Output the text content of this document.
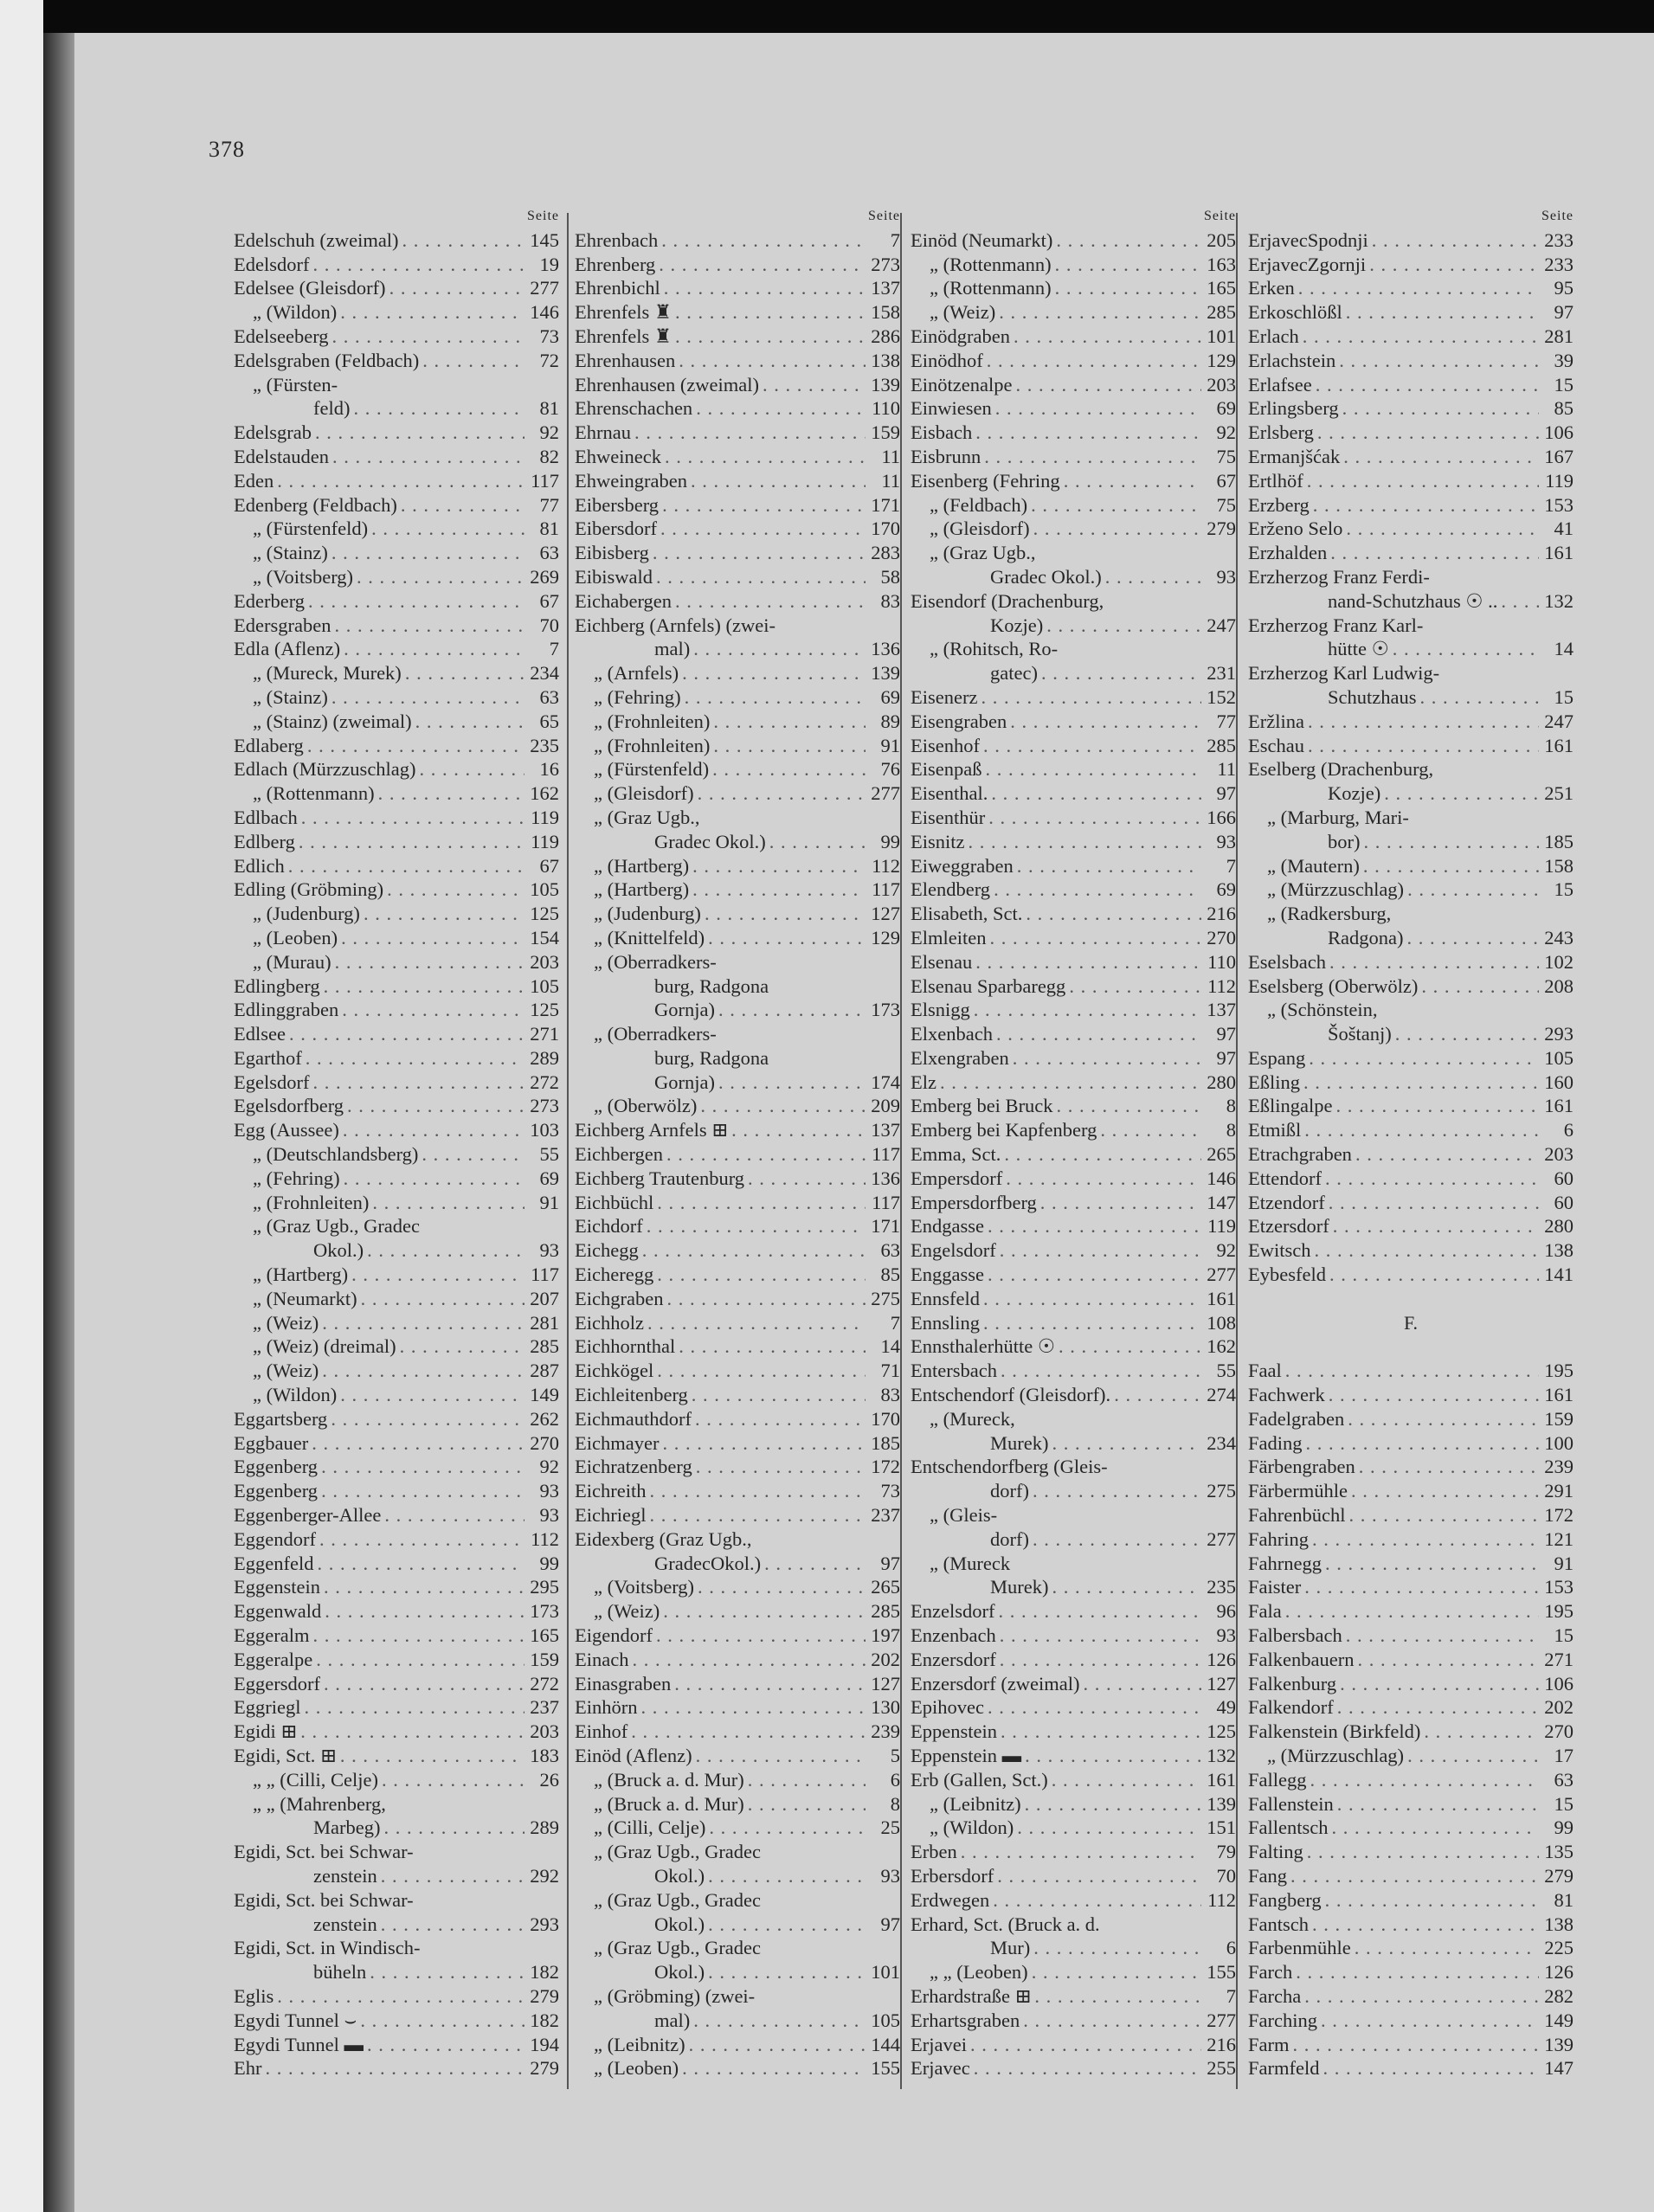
378
Seite
Edelschuh (zweimal) . . .	145
Edelsdorf . . .	19
Edelsee (Gleisdorf) . . .	277
„ (Wildon) . . .	146
Edelseeberg . . .	73
Edelsgraben (Feldbach) . . .	72
„ (Fürsten-
feld) . . .	81
Edelsgrab . . .	92
Edelstauden . . .	82
Eden . . .	117
Edenberg (Feldbach) . . .	77
„ (Fürstenfeld) . . .	81
„ (Stainz) . . .	63
„ (Voitsberg) . . .	269
Ederberg . . .	67
Edersgraben . . .	70
Edla (Aflenz) . . .	7
„ (Mureck, Murek) . . .	234
„ (Stainz) . . .	63
„ (Stainz) (zweimal) . . .	65
Edlaberg . . .	235
Edlach (Mürzzuschlag) . . .	16
„ (Rottenmann) . . .	162
Edlbach . . .	119
Edlberg . . .	119
Edlich . . .	67
Edling (Gröbming) . . .	105
„ (Judenburg) . . .	125
„ (Leoben) . . .	154
„ (Murau) . . .	203
Edlingberg . . .	105
Edlinggraben . . .	125
Edlsee . . .	271
Egarthof . . .	289
Egelsdorf . . .	272
Egelsdorfberg . . .	273
Egg (Aussee) . . .	103
„ (Deutschlandsberg) . . .	55
„ (Fehring) . . .	69
„ (Frohnleiten) . . .	91
„ (Graz Ugb., Gradec
Okol.) . . .	93
„ (Hartberg) . . .	117
„ (Neumarkt) . . .	207
„ (Weiz) . . .	281
„ (Weiz) (dreimal) . . .	285
„ (Weiz) . . .	287
„ (Wildon) . . .	149
Eggartsberg . . .	262
Eggbauer . . .	270
Eggenberg . . .	92
Eggenberg . . .	93
Eggenberger-Allee . . .	93
Eggendorf . . .	112
Eggenfeld . . .	99
Eggenstein . . .	295
Eggenwald . . .	173
Eggeralm . . .	165
Eggeralpe . . .	159
Eggersdorf . . .	272
Eggriegl . . .	237
Egidi ⊞ . . .	203
Egidi, Sct. ⊞ . . .	183
„ „ (Cilli, Celje) . . .	26
„ „ (Mahrenberg,
Marbeg) . . .	289
Egidi, Sct. bei Schwar-
zenstein . . .	292
Egidi, Sct. bei Schwar-
zenstein . . .	293
Egidi, Sct. in Windisch-
büheln . . .	182
Eglis . . .	279
Egydi Tunnel ⌣ . . .	182
Egydi Tunnel ▬ . . .	194
Ehr . . .	279
Seite
Ehrenbach . . .	7
Ehrenberg . . .	273
Ehrenbichl . . .	137
Ehrenfels ♜ . . .	158
Ehrenfels ♜ . . .	286
Ehrenhausen . . .	138
Ehrenhausen (zweimal) . . .	139
Ehrenschachen . . .	110
Ehrnau . . .	159
Ehweineck . . .	11
Ehweingraben . . .	11
Eibersberg . . .	171
Eibersdorf . . .	170
Eibisberg . . .	283
Eibiswald . . .	58
Eichabergen . . .	83
Eichberg (Arnfels) (zwei-
mal) . . .	136
„ (Arnfels) . . .	139
„ (Fehring) . . .	69
„ (Frohnleiten) . . .	89
„ (Frohnleiten) . . .	91
„ (Fürstenfeld) . . .	76
„ (Gleisdorf) . . .	277
„ (Graz Ugb.,
Gradec Okol.) . . .	99
„ (Hartberg) . . .	112
„ (Hartberg) . . .	117
„ (Judenburg) . . .	127
„ (Knittelfeld) . . .	129
„ (Oberradkers-
burg, Radgona
Gornja) . . .	173
„ (Oberradkers-
burg, Radgona
Gornja) . . .	174
„ (Oberwölz) . . .	209
Eichberg Arnfels ⊞ . . .	137
Eichbergen . . .	117
Eichberg Trautenburg . . .	136
Eichbüchl . . .	117
Eichdorf . . .	171
Eichegg . . .	63
Eicheregg . . .	85
Eichgraben . . .	275
Eichholz . . .	7
Eichhornthal . . .	14
Eichkögel . . .	71
Eichleitenberg . . .	83
Eichmauthdorf . . .	170
Eichmayer . . .	185
Eichratzenberg . . .	172
Eichreith . . .	73
Eichriegl . . .	237
Eidexberg (Graz Ugb.,
GradecOkol.) . . .	97
„ (Voitsberg) . . .	265
„ (Weiz) . . .	285
Eigendorf . . .	197
Einach . . .	202
Einasgraben . . .	127
Einhörn . . .	130
Einhof . . .	239
Einöd (Aflenz) . . .	5
„ (Bruck a. d. Mur) . . .	6
„ (Bruck a. d. Mur) . . .	8
„ (Cilli, Celje) . . .	25
„ (Graz Ugb., Gradec
Okol.) . . .	93
„ (Graz Ugb., Gradec
Okol.) . . .	97
„ (Graz Ugb., Gradec
Okol.) . . .	101
„ (Gröbming) (zwei-
mal) . . .	105
„ (Leibnitz) . . .	144
„ (Leoben) . . .	155
Seite
Einöd (Neumarkt) . . .	205
„ (Rottenmann) . . .	163
„ (Rottenmann) . . .	165
„ (Weiz) . . .	285
Einödgraben . . .	101
Einödhof . . .	129
Einötzenalpe . . .	203
Einwiesen . . .	69
Eisbach . . .	92
Eisbrunn . . .	75
Eisenberg (Fehring . . .	67
„ (Feldbach) . . .	75
„ (Gleisdorf) . . .	279
„ (Graz Ugb.,
Gradec Okol.) . . .	93
Eisendorf (Drachenburg,
Kozje) . . .	247
„ (Rohitsch, Ro-
gatec) . . .	231
Eisenerz . . .	152
Eisengraben . . .	77
Eisenhof . . .	285
Eisenpaß . . .	11
Eisenthal. . . .	97
Eisenthür . . .	166
Eisnitz . . .	93
Eiweggraben . . .	7
Elendberg . . .	69
Elisabeth, Sct. . . .	216
Elmleiten . . .	270
Elsenau . . .	110
Elsenau Sparbaregg . . .	112
Elsnigg . . .	137
Elxenbach . . .	97
Elxengraben . . .	97
Elz . . .	280
Emberg bei Bruck . . .	8
Emberg bei Kapfenberg . . .	8
Emma, Sct. . . .	265
Empersdorf . . .	146
Empersdorfberg . . .	147
Endgasse . . .	119
Engelsdorf . . .	92
Enggasse . . .	277
Ennsfeld . . .	161
Ennsling . . .	108
Ennsthalerhütte ☉ . . .	162
Entersbach . . .	55
Entschendorf (Gleisdorf). . . .	274
„ (Mureck,
Murek) . . .	234
Entschendorfberg (Gleis-
dorf) . . .	275
„ (Gleis-
dorf) . . .	277
„ (Mureck
Murek) . . .	235
Enzelsdorf . . .	96
Enzenbach . . .	93
Enzersdorf . . .	126
Enzersdorf (zweimal) . . .	127
Epihovec . . .	49
Eppenstein . . .	125
Eppenstein ▬ . . .	132
Erb (Gallen, Sct.) . . .	161
„ (Leibnitz) . . .	139
„ (Wildon) . . .	151
Erben . . .	79
Erbersdorf . . .	70
Erdwegen . . .	112
Erhard, Sct. (Bruck a. d.
Mur) . . .	6
„ „ (Leoben) . . .	155
Erhardstraße ⊞ . . .	7
Erhartsgraben . . .	277
Erjavei . . .	216
Erjavec . . .	255
Seite
ErjavecSpodnji . . .	233
ErjavecZgornji . . .	233
Erken . . .	95
Erkoschlößl . . .	97
Erlach . . .	281
Erlachstein . . .	39
Erlafsee . . .	15
Erlingsberg . . .	85
Erlsberg . . .	106
Ermanjšćak . . .	167
Ertlhöf . . .	119
Erzberg . . .	153
Erženo Selo . . .	41
Erzhalden . . .	161
Erzherzog Franz Ferdi-
nand-Schutzhaus ☉ .. . . . 132
Erzherzog Franz Karl-
hütte ☉ . . .	14
Erzherzog Karl Ludwig-
Schutzhaus . . .	15
Eržlina . . .	247
Eschau . . .	161
Eselberg (Drachenburg,
Kozje) . . .	251
„ (Marburg, Mari-
bor) . . .	185
„ (Mautern) . . .	158
„ (Mürzzuschlag) . . .	15
„ (Radkersburg,
Radgona) . . .	243
Eselsbach . . .	102
Eselsberg (Oberwölz) . . .	208
„ (Schönstein,
Šoštanj) . . .	293
Espang . . .	105
Eßling . . .	160
Eßlingalpe . . .	161
Etmißl . . .	6
Etrachgraben . . .	203
Ettendorf . . .	60
Etzendorf . . .	60
Etzersdorf . . .	280
Ewitsch . . .	138
Eybesfeld . . .	141
F.
Faal . . .	195
Fachwerk . . .	161
Fadelgraben . . .	159
Fading . . .	100
Färbengraben . . .	239
Färbermühle . . .	291
Fahrenbüchl . . .	172
Fahring . . .	121
Fahrnegg . . .	91
Faister . . .	153
Fala . . .	195
Falbersbach . . .	15
Falkenbauern . . .	271
Falkenburg . . .	106
Falkendorf . . .	202
Falkenstein (Birkfeld) . . .	270
„ (Mürzzuschlag) . . .	17
Fallegg . . .	63
Fallenstein . . .	15
Fallentsch . . .	99
Falting . . .	135
Fang . . .	279
Fangberg . . .	81
Fantsch . . .	138
Farbenmühle . . .	225
Farch . . .	126
Farcha . . .	282
Farching . . .	149
Farm . . .	139
Farmfeld . . .	147
